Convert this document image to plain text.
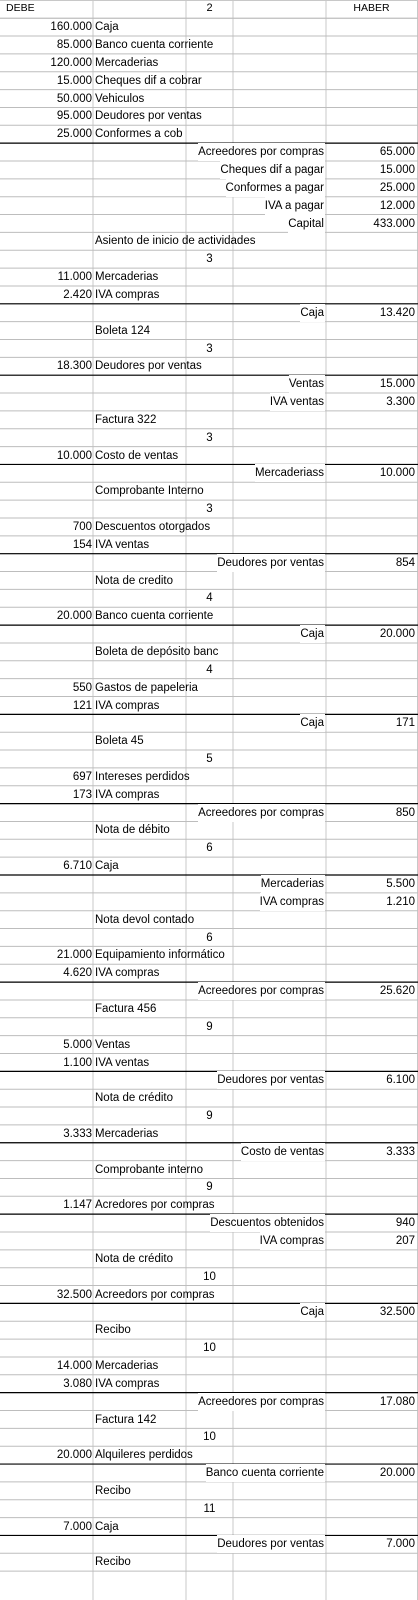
DEBE	2	HABER
160.000 Caja
85.000 Banco cuenta corriente
120.000 Mercaderias
15.000 Cheques dif a cobrar
50.000 Vehiculos
95.000 Deudores por ventas
25.000 Conformes a cob
Acreedores por compras	65.000
Cheques dif a pagar	15.000
Conformes a pagar	25.000
IVA a pagar	12.000
Capital	433.000
Asiento de inicio de actividades
3
11.000 Mercaderias
2.420 IVA compras
Caja	13.420
Boleta 124
3
18.300 Deudores por ventas
Ventas	15.000
IVA ventas	3.300
Factura 322
3
10.000 Costo de ventas
Mercaderiass	10.000
Comprobante Interno
3
700 Descuentos otorgados
154 IVA ventas
Deudores por ventas	854
Nota de credito
4
20.000 Banco cuenta corriente
Caja	20.000
Boleta de depósito banc
4
550 Gastos de papeleria
121 IVA compras
Caja	171
Boleta 45
5
697 Intereses perdidos
173 IVA compras
Acreedores por compras	850
Nota de débito
6
6.710 Caja
Mercaderias	5.500
IVA compras	1.210
Nota devol contado
6
21.000 Equipamiento informático
4.620 IVA compras
Acreedores por compras	25.620
Factura 456
9
5.000 Ventas
1.100 IVA ventas
Deudores por ventas	6.100
Nota de crédito
9
3.333 Mercaderias
Costo de ventas	3.333
Comprobante interno
9
1.147 Acredores por compras
Descuentos obtenidos	940
IVA compras	207
Nota de crédito
10
32.500 Acreedors por compras
Caja	32.500
Recibo
10
14.000 Mercaderias
3.080 IVA compras
Acreedores por compras	17.080
Factura 142
10
20.000 Alquileres perdidos
Banco cuenta corriente	20.000
Recibo
11
7.000 Caja
Deudores por ventas	7.000
Recibo
